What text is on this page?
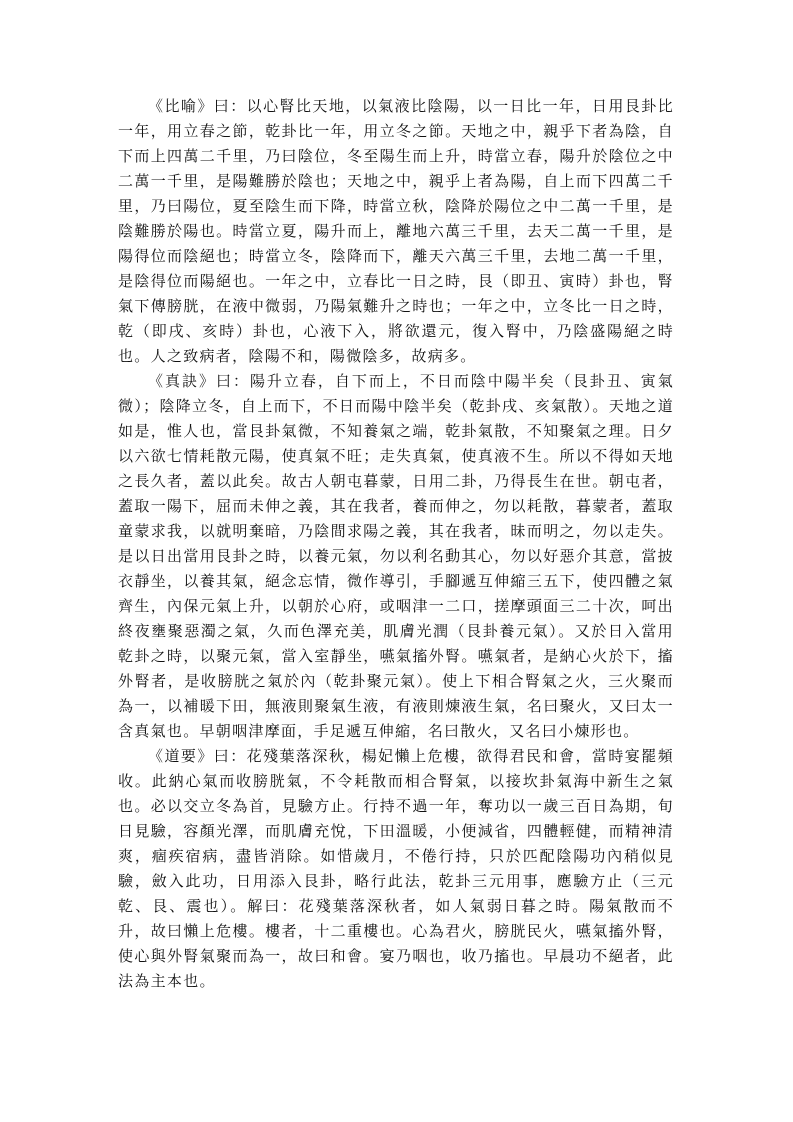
《比喻》曰：以心腎比天地，以氣液比陰陽，以一日比一年，日用艮卦比一年，用立春之節，乾卦比一年，用立冬之節。天地之中，親乎下者為陰，自下而上四萬二千里，乃曰陰位，冬至陽生而上升，時當立春，陽升於陰位之中二萬一千里，是陽難勝於陰也；天地之中，親乎上者為陽，自上而下四萬二千里，乃曰陽位，夏至陰生而下降，時當立秋，陰降於陽位之中二萬一千里，是陰難勝於陽也。時當立夏，陽升而上，離地六萬三千里，去天二萬一千里，是陽得位而陰絕也；時當立冬，陰降而下，離天六萬三千里，去地二萬一千里，是陰得位而陽絕也。一年之中，立春比一日之時，艮（即丑、寅時）卦也，腎氣下傳膀胱，在液中微弱，乃陽氣難升之時也；一年之中，立冬比一日之時，乾（即戌、亥時）卦也，心液下入，將欲還元，復入腎中，乃陰盛陽絕之時也。人之致病者，陰陽不和，陽微陰多，故病多。

《真訣》曰：陽升立春，自下而上，不日而陰中陽半矣（艮卦丑、寅氣微）；陰降立冬，自上而下，不日而陽中陰半矣（乾卦戌、亥氣散）。天地之道如是，惟人也，當艮卦氣微，不知養氣之端，乾卦氣散，不知聚氣之理。日夕以六欲七情耗散元陽，使真氣不旺；走失真氣，使真液不生。所以不得如天地之長久者，蓋以此矣。故古人朝屯暮蒙，日用二卦，乃得長生在世。朝屯者，蓋取一陽下，屈而未伸之義，其在我者，養而伸之，勿以耗散，暮蒙者，蓋取童蒙求我，以就明棄暗，乃陰間求陽之義，其在我者，昧而明之，勿以走失。是以日出當用艮卦之時，以養元氣，勿以利名動其心，勿以好惡介其意，當披衣靜坐，以養其氣，絕念忘情，微作導引，手腳遞互伸縮三五下，使四體之氣齊生，內保元氣上升，以朝於心府，或咽津一二口，搓摩頭面三二十次，呵出終夜壅聚惡濁之氣，久而色澤充美，肌膚光潤（艮卦養元氣）。又於日入當用乾卦之時，以聚元氣，當入室靜坐，嚥氣搐外腎。嚥氣者，是納心火於下，搐外腎者，是收膀胱之氣於內（乾卦聚元氣）。使上下相合腎氣之火，三火聚而為一，以補暖下田，無液則聚氣生液，有液則煉液生氣，名曰聚火，又曰太一含真氣也。早朝咽津摩面，手足遞互伸縮，名曰散火，又名曰小煉形也。

《道要》曰：花殘葉落深秋，楊妃懶上危樓，欲得君民和會，當時宴罷頻收。此納心氣而收膀胱氣，不令耗散而相合腎氣，以接坎卦氣海中新生之氣也。必以交立冬為首，見驗方止。行持不過一年，奪功以一歲三百日為期，旬日見驗，容顏光澤，而肌膚充悅，下田溫暖，小便減省，四體輕健，而精神清爽，痼疾宿病，盡皆消除。如惜歲月，不倦行持，只於匹配陰陽功內稍似見驗，斂入此功，日用添入艮卦，略行此法，乾卦三元用事，應驗方止（三元乾、艮、震也）。解曰：花殘葉落深秋者，如人氣弱日暮之時。陽氣散而不升，故曰懶上危樓。樓者，十二重樓也。心為君火，膀胱民火，嚥氣搐外腎，使心與外腎氣聚而為一，故曰和會。宴乃咽也，收乃搐也。早晨功不絕者，此法為主本也。
